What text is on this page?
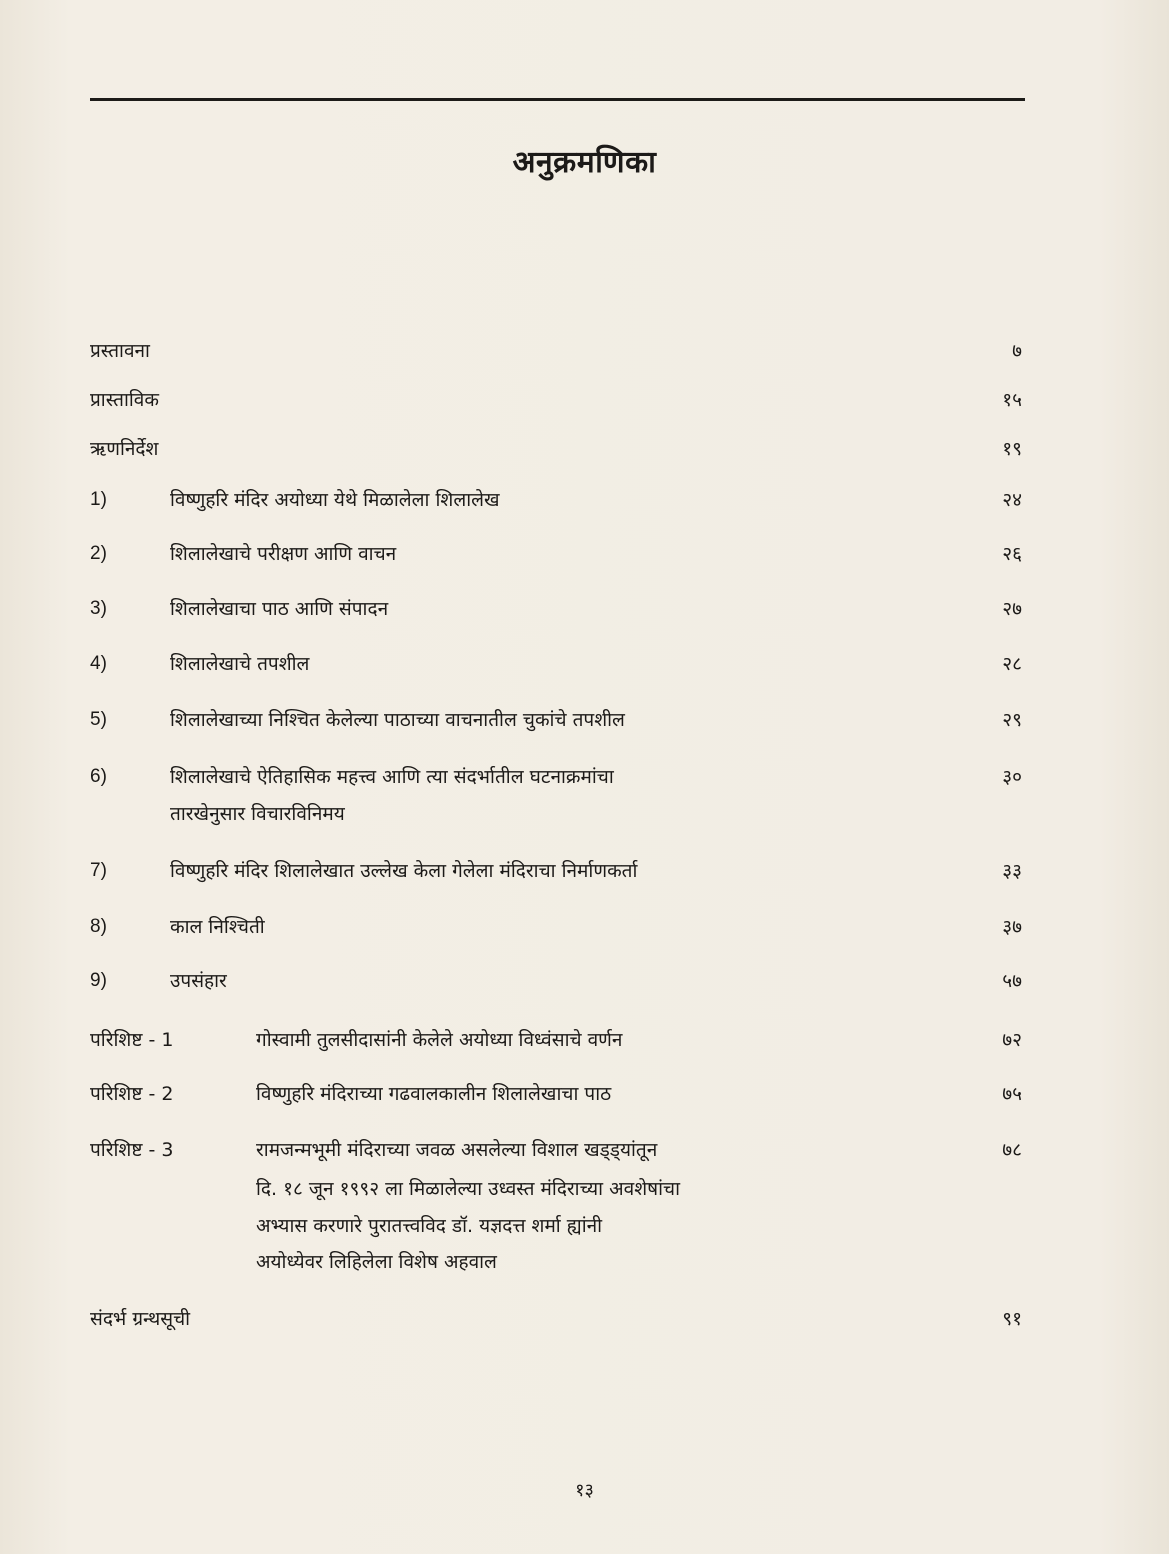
अनुक्रमणिका
प्रस्तावना	७
प्रास्ताविक	१५
ऋणनिर्देश	१९
1)	विष्णुहरि मंदिर अयोध्या येथे मिळालेला शिलालेख	२४
2)	शिलालेखाचे परीक्षण आणि वाचन	२६
3)	शिलालेखाचा पाठ आणि संपादन	२७
4)	शिलालेखाचे तपशील	२८
5)	शिलालेखाच्या निश्चित केलेल्या पाठाच्या वाचनातील चुकांचे तपशील	२९
6)	शिलालेखाचे ऐतिहासिक महत्त्व आणि त्या संदर्भातील घटनाक्रमांचा	३०
तारखेनुसार विचारविनिमय
7)	विष्णुहरि मंदिर शिलालेखात उल्लेख केला गेलेला मंदिराचा निर्माणकर्ता	३३
8)	काल निश्चिती	३७
9)	उपसंहार	५७
परिशिष्ट - 1	गोस्वामी तुलसीदासांनी केलेले अयोध्या विध्वंसाचे वर्णन	७२
परिशिष्ट - 2	विष्णुहरि मंदिराच्या गढवालकालीन शिलालेखाचा पाठ	७५
परिशिष्ट - 3	रामजन्मभूमी मंदिराच्या जवळ असलेल्या विशाल खड्ड्यांतून	७८
दि. १८ जून १९९२ ला मिळालेल्या उध्वस्त मंदिराच्या अवशेषांचा
अभ्यास करणारे पुरातत्त्वविद डॉ. यज्ञदत्त शर्मा ह्यांनी
अयोध्येवर लिहिलेला विशेष अहवाल
संदर्भ ग्रन्थसूची	९१
१३
